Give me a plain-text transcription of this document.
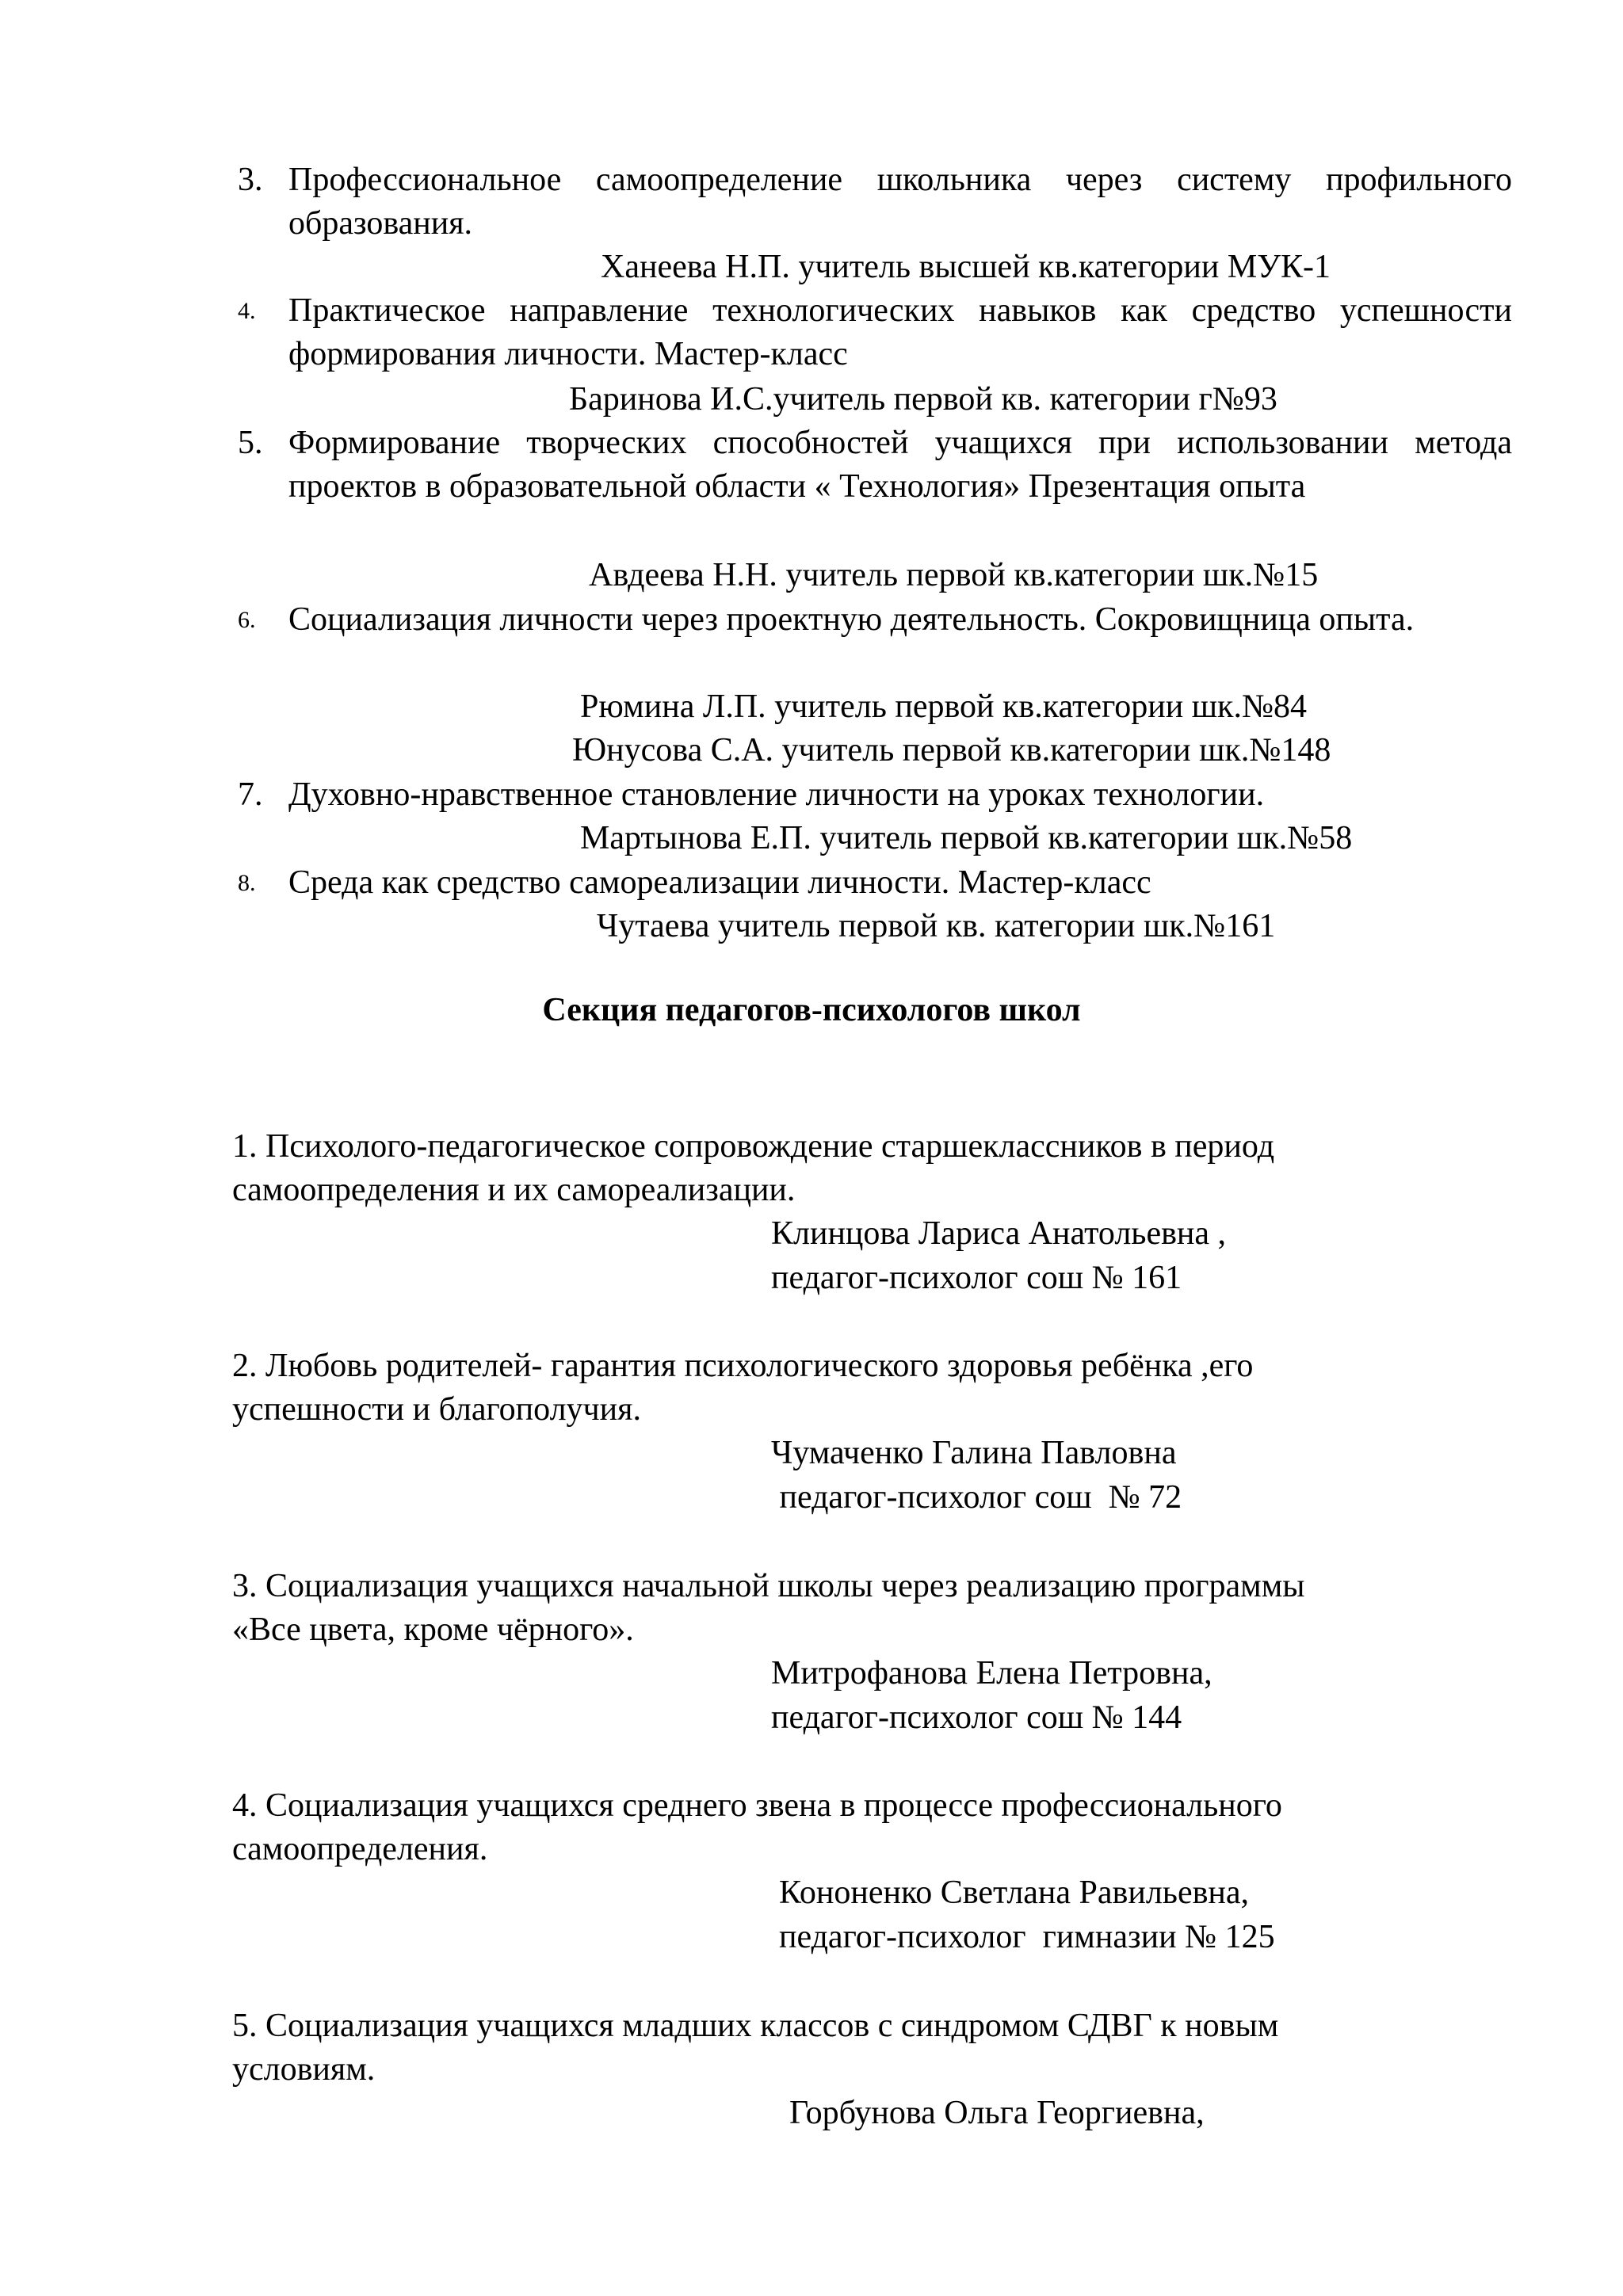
3. Профессиональное самоопределение школьника через систему профильного образования.
Ханеева Н.П. учитель высшей кв.категории МУК-1
4. Практическое направление технологических навыков как средство успешности формирования личности. Мастер-класс
Баринова И.С.учитель первой кв. категории г№93
5. Формирование творческих способностей учащихся при использовании метода проектов в образовательной области « Технология» Презентация опыта
Авдеева Н.Н. учитель первой кв.категории шк.№15
6. Социализация личности через проектную деятельность. Сокровищница опыта.
Рюмина Л.П. учитель первой кв.категории шк.№84
Юнусова С.А. учитель первой кв.категории шк.№148
7. Духовно-нравственное становление личности на уроках технологии.
Мартынова Е.П. учитель первой кв.категории шк.№58
8. Среда как средство самореализации личности. Мастер-класс
Чутаева учитель первой кв. категории шк.№161
Секция педагогов-психологов школ
1. Психолого-педагогическое сопровождение старшеклассников в период
самоопределения и их самореализации.
Клинцова Лариса Анатольевна ,
педагог-психолог сош № 161
2. Любовь родителей- гарантия психологического здоровья ребёнка ,его
успешности и благополучия.
Чумаченко Галина Павловна
педагог-психолог сош  № 72
3. Социализация учащихся начальной школы через реализацию программы
«Все цвета, кроме чёрного».
Митрофанова Елена Петровна,
педагог-психолог сош № 144
4. Социализация учащихся среднего звена в процессе профессионального
самоопределения.
Кононенко Светлана Равильевна,
педагог-психолог  гимназии № 125
5. Социализация учащихся младших классов с синдромом СДВГ к новым
условиям.
Горбунова Ольга Георгиевна,
